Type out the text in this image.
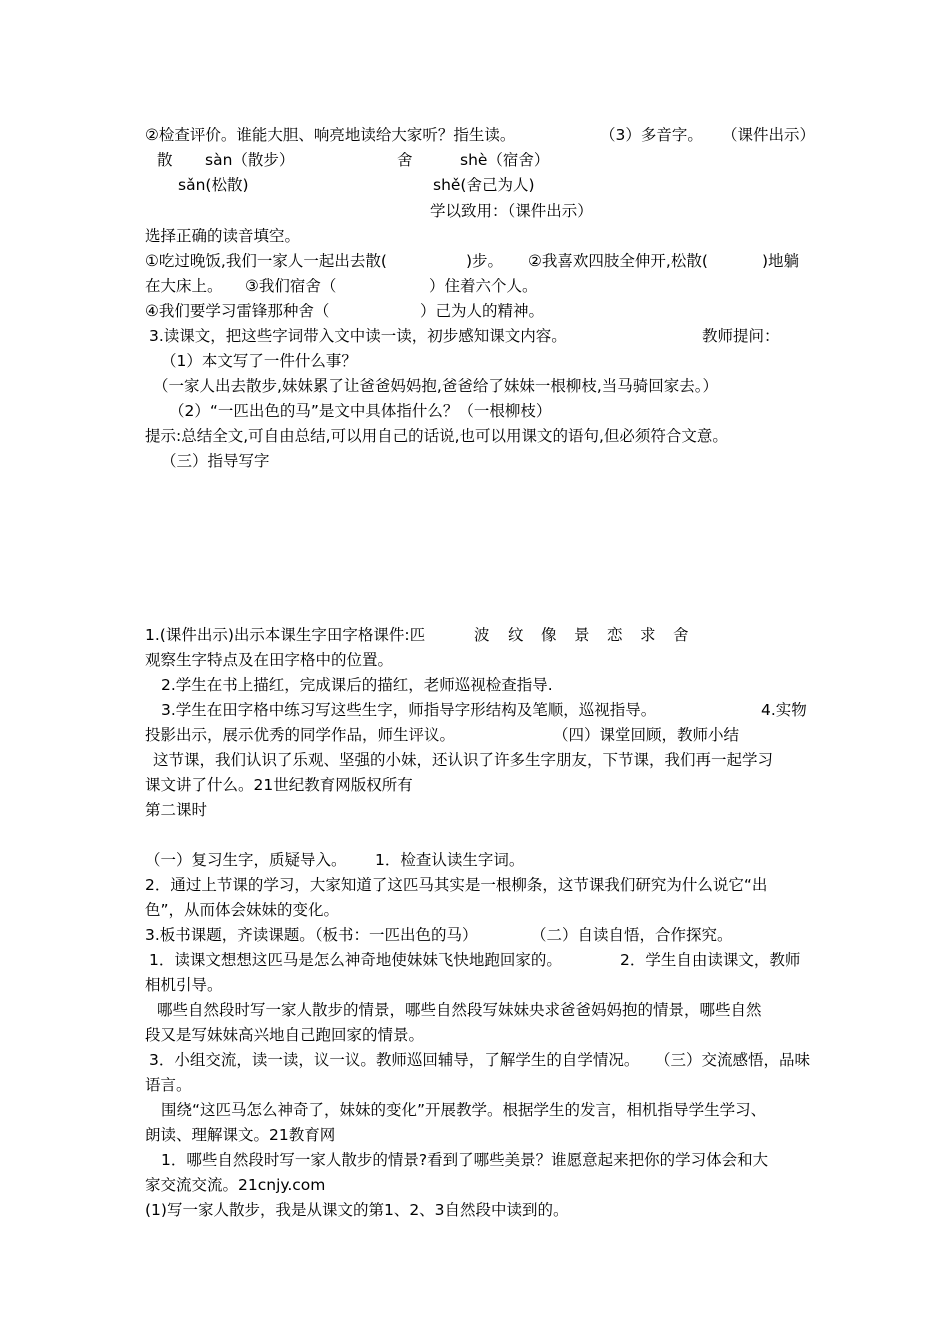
②检查评价。谁能大胆、响亮地读给大家听？指生读。	（3）多音字。 （课件出示）
散 sàn（散步）	舍	shè（宿舍）
sǎn(松散)	shě(舍己为人)
学以致用：（课件出示）
选择正确的读音填空。
①吃过晚饭,我们一家人一起出去散(	)步。 ②我喜欢四肢全伸开,松散(	)地躺
在大床上。 ③我们宿舍（	）住着六个人。
④我们要学习雷锋那种舍（	）己为人的精神。
3.读课文，把这些字词带入文中读一读，初步感知课文内容。	教师提问：
（1）本文写了一件什么事？
（一家人出去散步,妹妹累了让爸爸妈妈抱,爸爸给了妹妹一根柳枝,当马骑回家去。）
（2）“一匹出色的马”是文中具体指什么？（一根柳枝）
提示:总结全文,可自由总结,可以用自己的话说,也可以用课文的语句,但必须符合文意。
（三）指导写字
1.(课件出示)出示本课生字田字格课件:匹	波 纹 像 景 恋 求 舍
观察生字特点及在田字格中的位置。
2.学生在书上描红，完成课后的描红，老师巡视检查指导.
3.学生在田字格中练习写这些生字，师指导字形结构及笔顺，巡视指导。	4.实物
投影出示，展示优秀的同学作品，师生评议。	（四）课堂回顾，教师小结
这节课，我们认识了乐观、坚强的小妹，还认识了许多生字朋友，下节课，我们再一起学习
课文讲了什么。21世纪教育网版权所有
第二课时
（一）复习生字，质疑导入。 1．检查认读生字词。
2．通过上节课的学习，大家知道了这匹马其实是一根柳条，这节课我们研究为什么说它“出
色”，从而体会妹妹的变化。
3.板书课题，齐读课题。（板书：一匹出色的马）	（二）自读自悟，合作探究。
1．读课文想想这匹马是怎么神奇地使妹妹飞快地跑回家的。	2．学生自由读课文，教师
相机引导。
哪些自然段时写一家人散步的情景，哪些自然段写妹妹央求爸爸妈妈抱的情景，哪些自然
段又是写妹妹高兴地自己跑回家的情景。
3．小组交流，读一读，议一议。教师巡回辅导，了解学生的自学情况。 （三）交流感悟，品味
语言。
围绕“这匹马怎么神奇了，妹妹的变化”开展教学。根据学生的发言，相机指导学生学习、
朗读、理解课文。21教育网
1．哪些自然段时写一家人散步的情景?看到了哪些美景？谁愿意起来把你的学习体会和大
家交流交流。21cnjy.com
(1)写一家人散步，我是从课文的第1、2、3自然段中读到的。
